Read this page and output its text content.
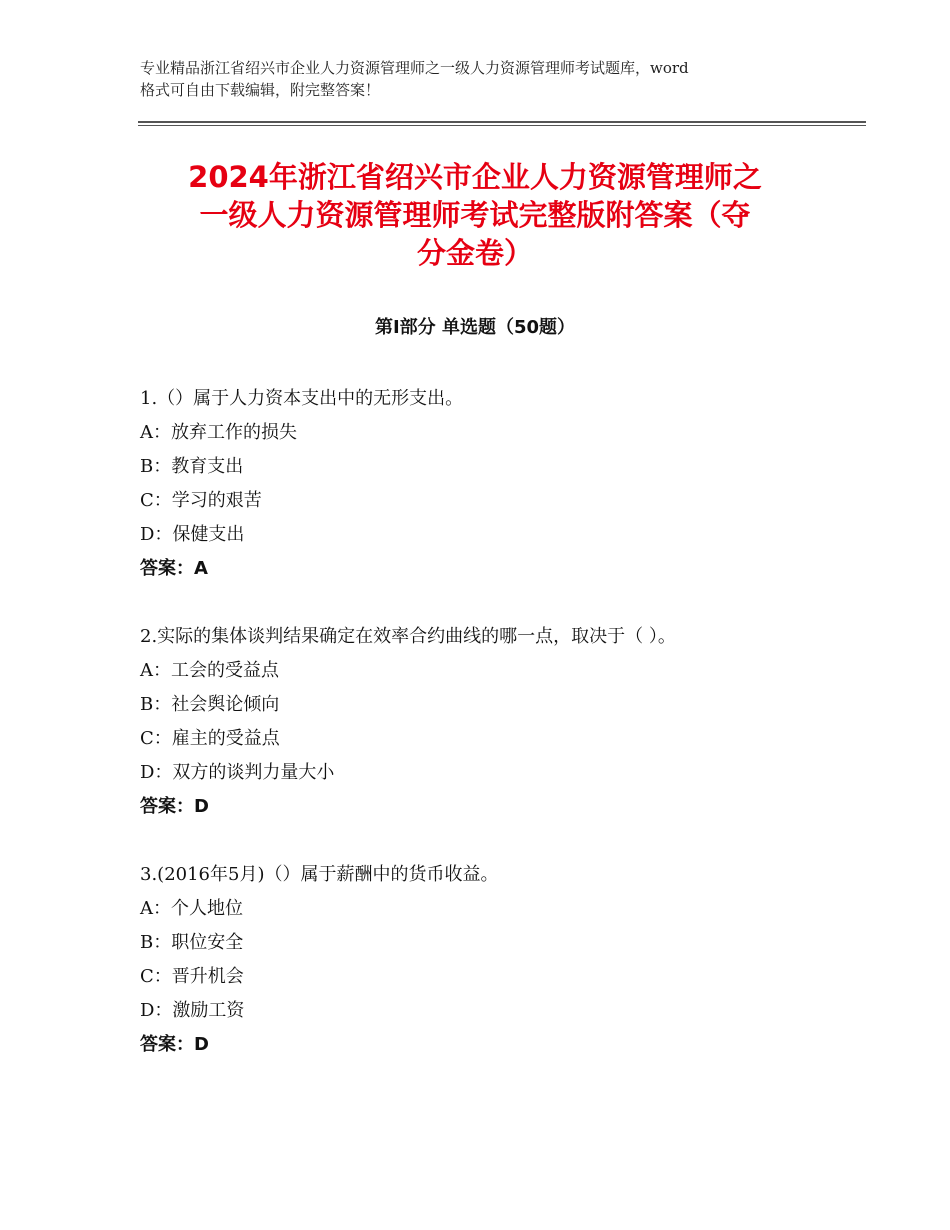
专业精品浙江省绍兴市企业人力资源管理师之一级人力资源管理师考试题库，word
格式可自由下载编辑，附完整答案！
2024年浙江省绍兴市企业人力资源管理师之
一级人力资源管理师考试完整版附答案（夺
分金卷）
第Ⅰ部分 单选题（50题）
1.（）属于人力资本支出中的无形支出。
A：放弃工作的损失
B：教育支出
C：学习的艰苦
D：保健支出
答案：A
2.实际的集体谈判结果确定在效率合约曲线的哪一点，取决于（ ）。
A：工会的受益点
B：社会舆论倾向
C：雇主的受益点
D：双方的谈判力量大小
答案：D
3.(2016年5月)（）属于薪酬中的货币收益。
A：个人地位
B：职位安全
C：晋升机会
D：激励工资
答案：D
